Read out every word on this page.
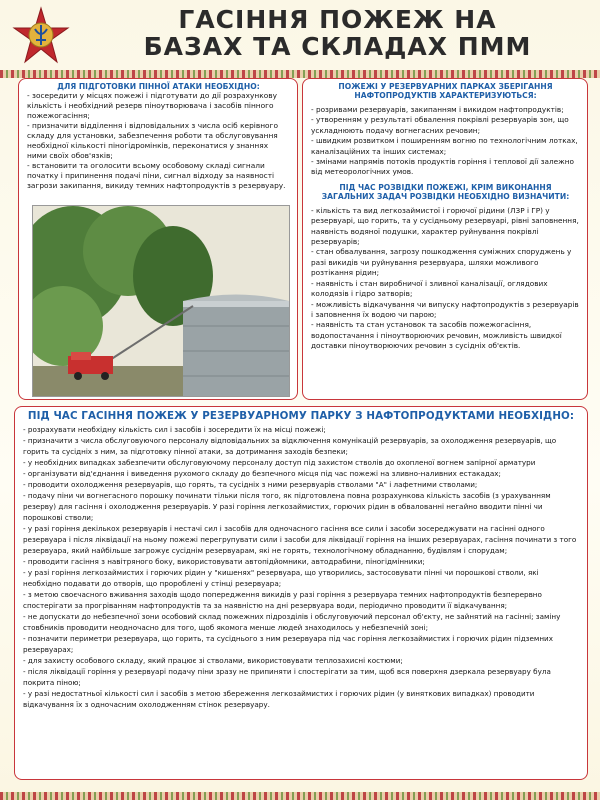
ГАСІННЯ ПОЖЕЖ НА
БАЗАХ ТА СКЛАДАХ ПММ
ДЛЯ ПІДГОТОВКИ ПІННОЇ АТАКИ НЕОБХІДНО:

- зосередити у місцях пожежі і підготувати до дії розрахункову кількість і необхідний резерв піноутворювача і засобів пінного пожежогасіння;

- призначити відділення і відповідальних з числа осіб керівного складу для установки, забезпечення роботи та обслуговування необхідної кількості піногідромінків, переконатися у знаннях ними своїх обов'язків;

- встановити та оголосити всьому особовому складі сигнали початку і припинення подачі піни, сигнал відходу за наявності загрози закипання, викиду темних нафтопродуктів з резервуару.

ПОЖЕЖІ У РЕЗЕРВУАРНИХ ПАРКАХ ЗБЕРІГАННЯ НАФТОПРОДУКТІВ ХАРАКТЕРИЗУЮТЬСЯ:

- розривами резервуарів, закипанням і викидом нафтопродуктів;

- утворенням у результаті обвалення покрівлі резервуарів зон, що ускладнюють подачу вогнегасних речовин;

- швидким розвитком і поширенням вогню по технологічним лотках, каналізаційних та інших системах;

- змінами напрямів потоків продуктів горіння і теплової дії залежно від метеорологічних умов.

ПІД ЧАС РОЗВІДКИ ПОЖЕЖІ, КРІМ ВИКОНАННЯ ЗАГАЛЬНИХ ЗАДАЧ РОЗВІДКИ НЕОБХІДНО ВИЗНАЧИТИ:

- кількість та вид легкозаймистої і горючої рідини (ЛЗР і ГР) у резервуарі, що горить, та у сусідньому резервуарі, рівні заповнення, наявність водяної подушки, характер руйнування покрівлі резервуарів;

- стан обвалування, загрозу пошкодження суміжних споруджень у разі викидів чи руйнування резервуара, шляхи можливого розтікання рідин;

- наявність і стан виробничої і зливної каналізації, оглядових колодязів і гідро затворів;

- можливість відкачування чи випуску нафтопродуктів з резервуарів і заповнення їх водою чи парою;

- наявність та стан установок та засобів пожежогасіння, водопостачання і піноутворюючих речовин, можливість швидкої доставки піноутворюючих речовин з сусідніх об'єктів.

ПІД ЧАС ГАСІННЯ ПОЖЕЖ У РЕЗЕРВУАРНОМУ ПАРКУ З НАФТОПРОДУКТАМИ НЕОБХІДНО:

- розрахувати необхідну кількість сил і засобів і зосередити їх на місці пожежі;

- призначити з числа обслуговуючого персоналу відповідальних за відключення комунікацій резервуарів, за охолодження резервуарів, що горить та сусідніх з ним, за підготовку пінної атаки, за дотримання заходів безпеки;

- у необхідних випадках забезпечити обслуговуючому персоналу доступ під захистом стволів до охопленої вогнем запірної арматури

- організувати від'єднання і виведення рухомого складу до безпечного місця під час пожежі на зливно-наливних естакадах;

- проводити охолодження резервуарів, що горять, та сусідніх з ними резервуарів стволами "А" і лафетними стволами;

- подачу піни чи вогнегасного порошку починати тільки після того, як підготовлена повна розрахункова кількість засобів (з урахуванням резерву) для гасіння і охолодження резервуарів. У разі горіння легкозаймистих, горючих рідин в обвалованні негайно вводити пінні чи порошкові стволи;

- у разі горіння декількох резервуарів і нестачі сил і засобів для одночасного гасіння все сили і засоби зосереджувати на гасінні одного резервуара і після ліквідації на ньому пожежі перегрупувати сили і засоби для ліквідації горіння на інших резервуарах, гасіння починати з того резервуара, який найбільше загрожує сусіднім резервуарам, які не горять, технологічному обладнанню, будівлям і спорудам;

- проводити гасіння з навітряного боку, використовувати автопідйомники, автодрабини, піногідмінники;

- у разі горіння легкозаймистих і горючих рідин у "кишенях" резервуара, що утворились, застосовувати пінні чи порошкові стволи, які необхідно подавати до отворів, що пророблені у стінці резервуара;

- з метою своєчасного вживання заходів щодо попередження викидів у разі горіння з резервуара темних нафтопродуктів безперервно спостерігати за прогріванням нафтопродуктів та за наявністю на дні резервуара води, періодично проводити її відкачування;

- не допускати до небезпечної зони особовий склад пожежних підрозділів і обслуговуючий персонал об'єкту, не зайнятий на гасінні; заміну стовбників проводити неодночасно для того, щоб якомога менше людей знаходилось у небезпечній зоні;

- позначити периметри резервуара, що горить, та сусіднього з ним резервуара під час горіння легкозаймистих і горючих рідин підземних резервуарах;

- для захисту особового складу, який працює зі стволами, використовувати теплозахисні костюми;

- після ліквідації горіння у резервуарі подачу піни зразу не припиняти і спостерігати за тим, щоб вся поверхня дзеркала резервуару була покрита піною;

- у разі недостатньої кількості сил і засобів з метою збереження легкозаймистих і горючих рідин (у виняткових випадках) проводити відкачування їх з одночасним охолодженням стінок резервуару.
